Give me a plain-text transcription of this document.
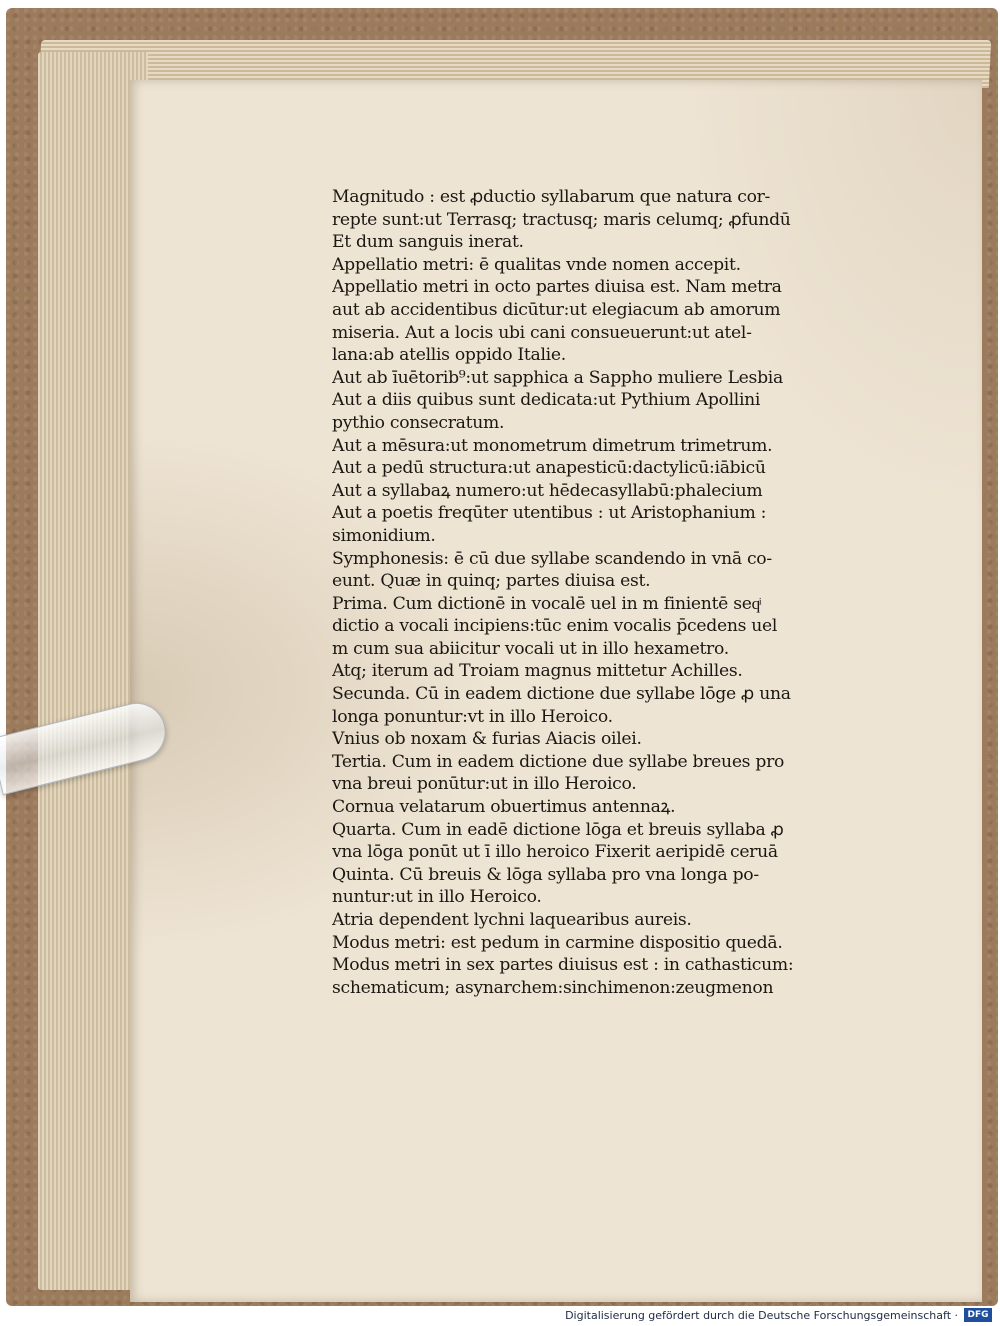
Magnitudo : est ꝓductio syllabarum que natura cor-
repte sunt:ut Terrasq; tractusq; maris celumq; ꝓfundū
Et dum sanguis inerat.
Appellatio metri: ē qualitas vnde nomen accepit.
Appellatio metri in octo partes diuisa est. Nam metra
aut ab accidentibus dicūtur:ut elegiacum ab amorum
miseria. Aut a locis ubi cani consueuerunt:ut atel-
lana:ab atellis oppido Italie.
Aut ab īuētorib⁹:ut sapphica a Sappho muliere Lesbia
Aut a diis quibus sunt dedicata:ut Pythium Apollini
pythio consecratum.
Aut a mēsura:ut monometrum dimetrum trimetrum.
Aut a pedū structura:ut anapesticū:dactylicū:iābicū
Aut a syllabaꝝ numero:ut hēdecasyllabū:phalecium
Aut a poetis freqūter utentibus : ut Aristophanium :
simonidium.
Symphonesis: ē cū due syllabe scandendo in vnā co-
eunt. Quæ in quinq; partes diuisa est.
Prima. Cum dictionē in vocalē uel in m finientē seqͥ
dictio a vocali incipiens:tūc enim vocalis p̄cedens uel
m cum sua abiicitur vocali ut in illo hexametro.
Atq; iterum ad Troiam magnus mittetur Achilles.
Secunda. Cū in eadem dictione due syllabe lōge ꝓ una
longa ponuntur:vt in illo Heroico.
Vnius ob noxam & furias Aiacis oilei.
Tertia. Cum in eadem dictione due syllabe breues pro
vna breui ponūtur:ut in illo Heroico.
Cornua velatarum obuertimus antennaꝝ.
Quarta. Cum in eadē dictione lōga et breuis syllaba ꝓ
vna lōga ponūt ut ī illo heroico Fixerit aeripidē ceruā
Quinta. Cū breuis & lōga syllaba pro vna longa po-
nuntur:ut in illo Heroico.
Atria dependent lychni laquearibus aureis.
Modus metri: est pedum in carmine dispositio quedā.
Modus metri in sex partes diuisus est : in cathasticum:
schematicum; asynarchem:sinchimenon:zeugmenon
Digitalisierung gefördert durch die Deutsche Forschungsgemeinschaft ·	DFG
